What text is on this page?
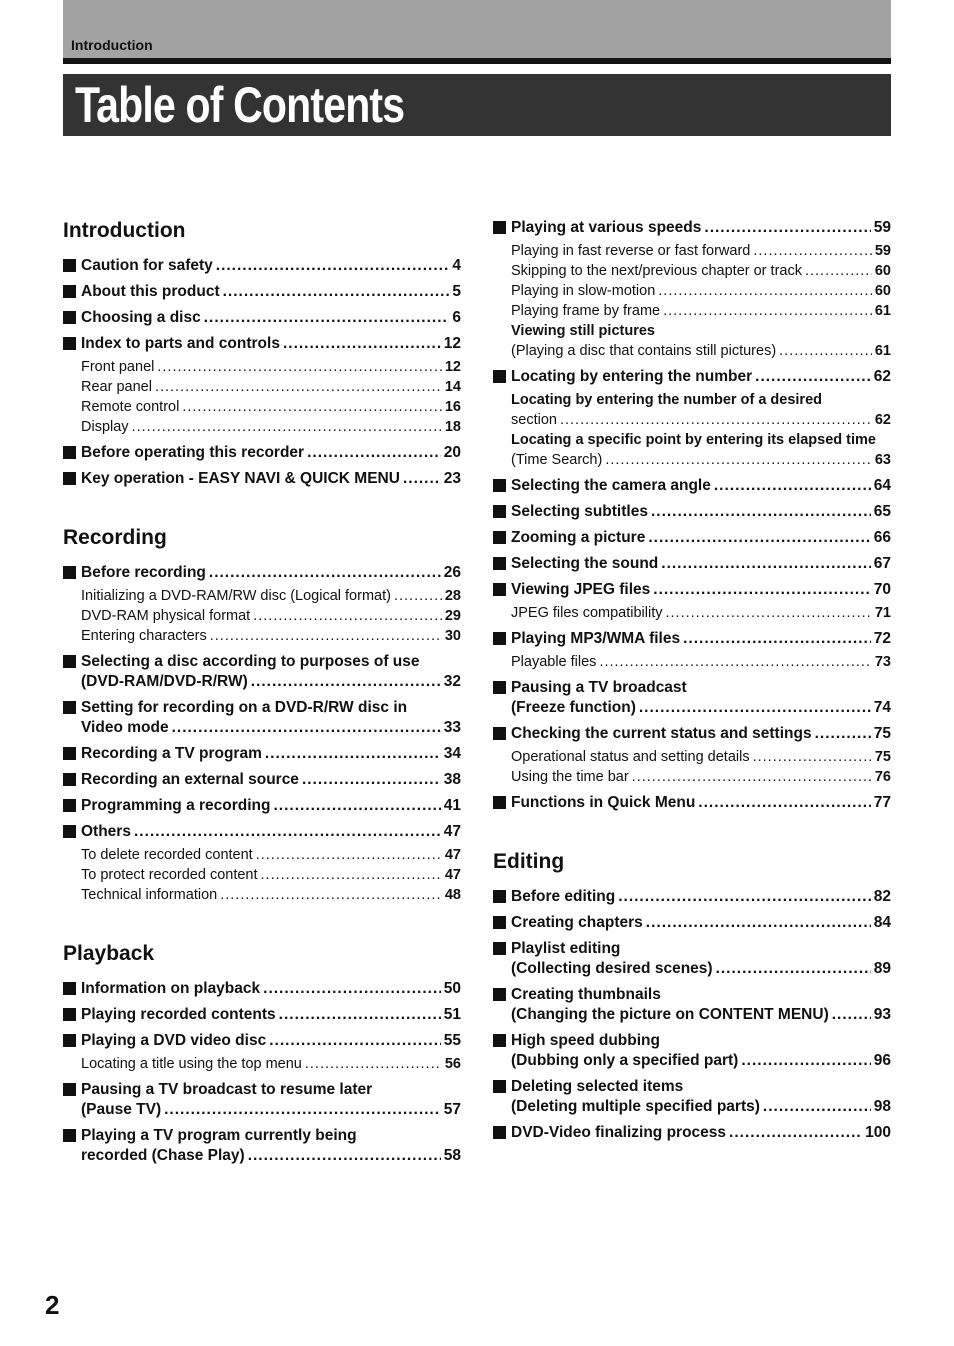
Introduction
Table of Contents
Introduction
Caution for safety .....	4
About this product .....	5
Choosing a disc .....	6
Index to parts and controls .....	12
Front panel .....	12
Rear panel .....	14
Remote control .....	16
Display .....	18
Before operating this recorder .....	20
Key operation - EASY NAVI & QUICK MENU .....	23
Recording
Before recording .....	26
Initializing a DVD-RAM/RW disc (Logical format) .....	28
DVD-RAM physical format .....	29
Entering characters .....	30
Selecting a disc according to purposes of use
(DVD-RAM/DVD-R/RW) .....	32
Setting for recording on a DVD-R/RW disc in
Video mode .....	33
Recording a TV program .....	34
Recording an external source .....	38
Programming a recording .....	41
Others .....	47
To delete recorded content .....	47
To protect recorded content .....	47
Technical information .....	48
Playback
Information on playback .....	50
Playing recorded contents .....	51
Playing a DVD video disc .....	55
Locating a title using the top menu .....	56
Pausing a TV broadcast to resume later
(Pause TV) .....	57
Playing a TV program currently being
recorded (Chase Play) .....	58
Playing at various speeds .....	59
Playing in fast reverse or fast forward .....	59
Skipping to the next/previous chapter or track .....	60
Playing in slow-motion .....	60
Playing frame by frame .....	61
Viewing still pictures
(Playing a disc that contains still pictures) .....	61
Locating by entering the number .....	62
Locating by entering the number of a desired
section .....	62
Locating a specific point by entering its elapsed time
(Time Search) .....	63
Selecting the camera angle .....	64
Selecting subtitles .....	65
Zooming a picture .....	66
Selecting the sound .....	67
Viewing JPEG files .....	70
JPEG files compatibility .....	71
Playing MP3/WMA files .....	72
Playable files .....	73
Pausing a TV broadcast
(Freeze function) .....	74
Checking the current status and settings .....	75
Operational status and setting details .....	75
Using the time bar .....	76
Functions in Quick Menu .....	77
Editing
Before editing .....	82
Creating chapters .....	84
Playlist editing
(Collecting desired scenes) .....	89
Creating thumbnails
(Changing the picture on CONTENT MENU) .....	93
High speed dubbing
(Dubbing only a specified part) .....	96
Deleting selected items
(Deleting multiple specified parts) .....	98
DVD-Video finalizing process .....	100
2
